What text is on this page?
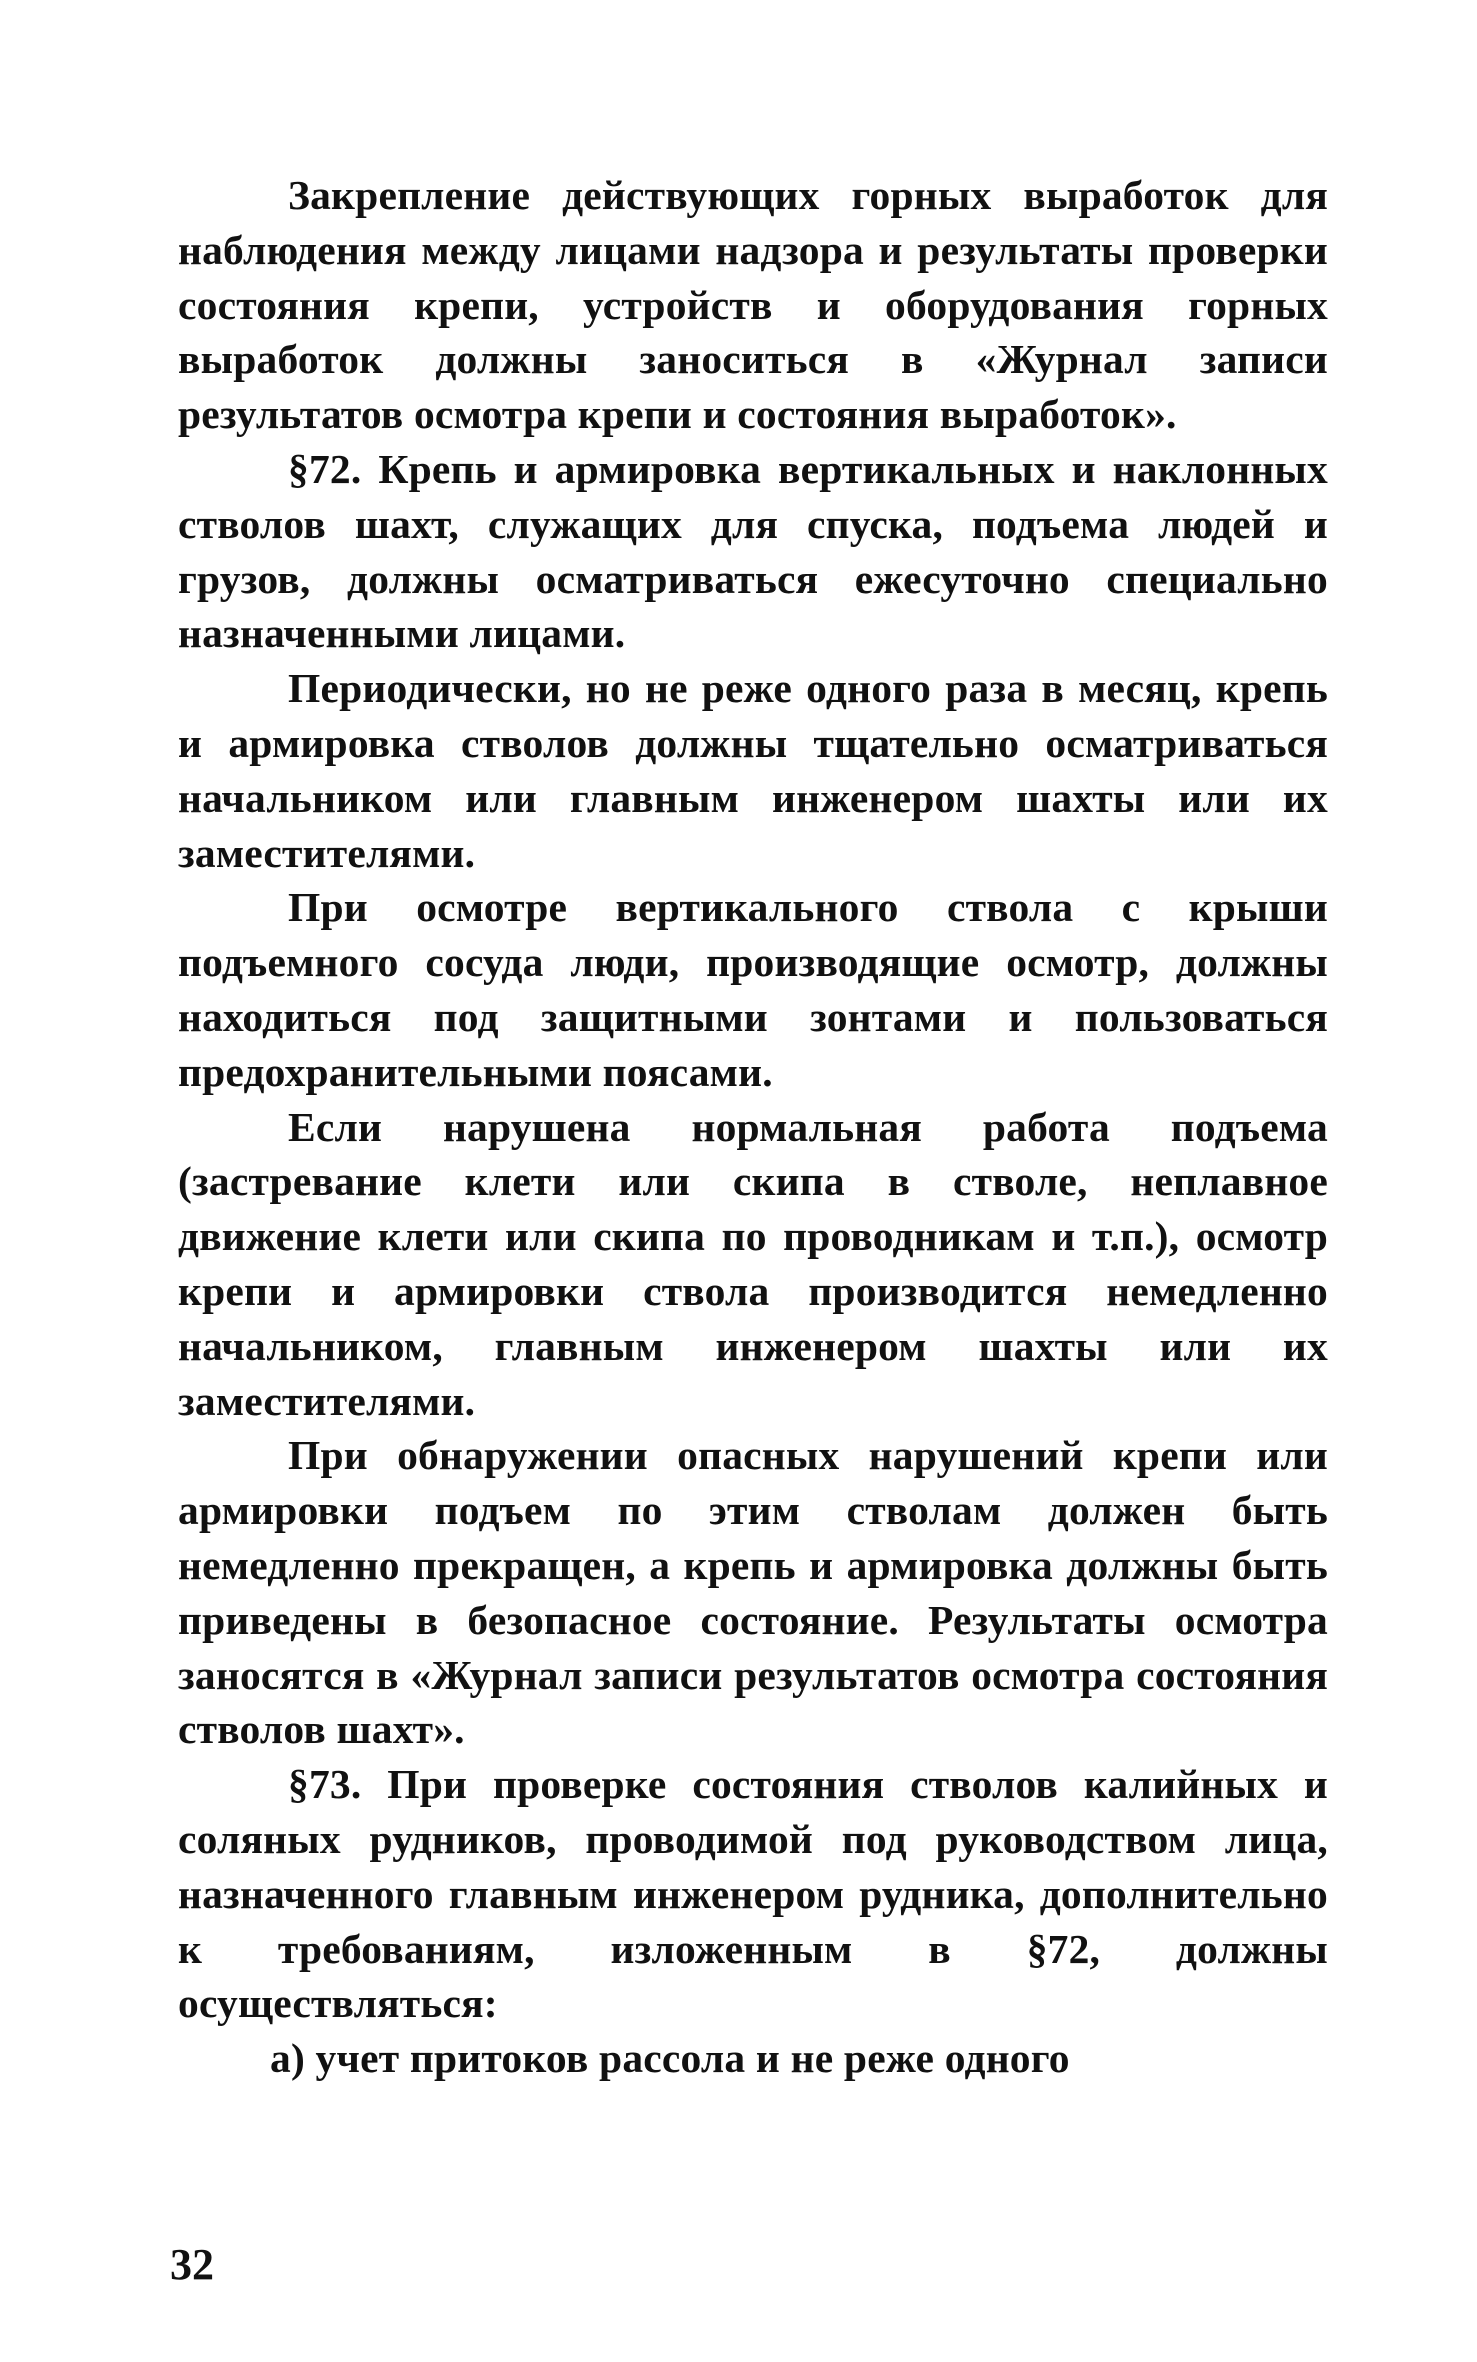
Закрепление действующих горных выработок для наблюдения между лицами надзора и результаты проверки состояния крепи, устройств и оборудования горных выработок должны заноситься в «Журнал записи результатов осмотра крепи и состояния выработок».

§72. Крепь и армировка вертикальных и наклонных стволов шахт, служащих для спуска, подъема людей и грузов, должны осматриваться ежесуточно специально назначенными лицами.

Периодически, но не реже одного раза в месяц, крепь и армировка стволов должны тщательно осматриваться начальником или главным инженером шахты или их заместителями.

При осмотре вертикального ствола с крыши подъемного сосуда люди, производящие осмотр, должны находиться под защитными зонтами и пользоваться предохранительными поясами.

Если нарушена нормальная работа подъема (застревание клети или скипа в стволе, неплавное движение клети или скипа по проводникам и т.п.), осмотр крепи и армировки ствола производится немедленно начальником, главным инженером шахты или их заместителями.

При обнаружении опасных нарушений крепи или армировки подъем по этим стволам должен быть немедленно прекращен, а крепь и армировка должны быть приведены в безопасное состояние. Результаты осмотра заносятся в «Журнал записи результатов осмотра состояния стволов шахт».

§73. При проверке состояния стволов калийных и соляных рудников, проводимой под руководством лица, назначенного главным инженером рудника, дополнительно к требованиям, изложенным в §72, должны осуществляться:

а) учет притоков рассола и не реже одного

32
